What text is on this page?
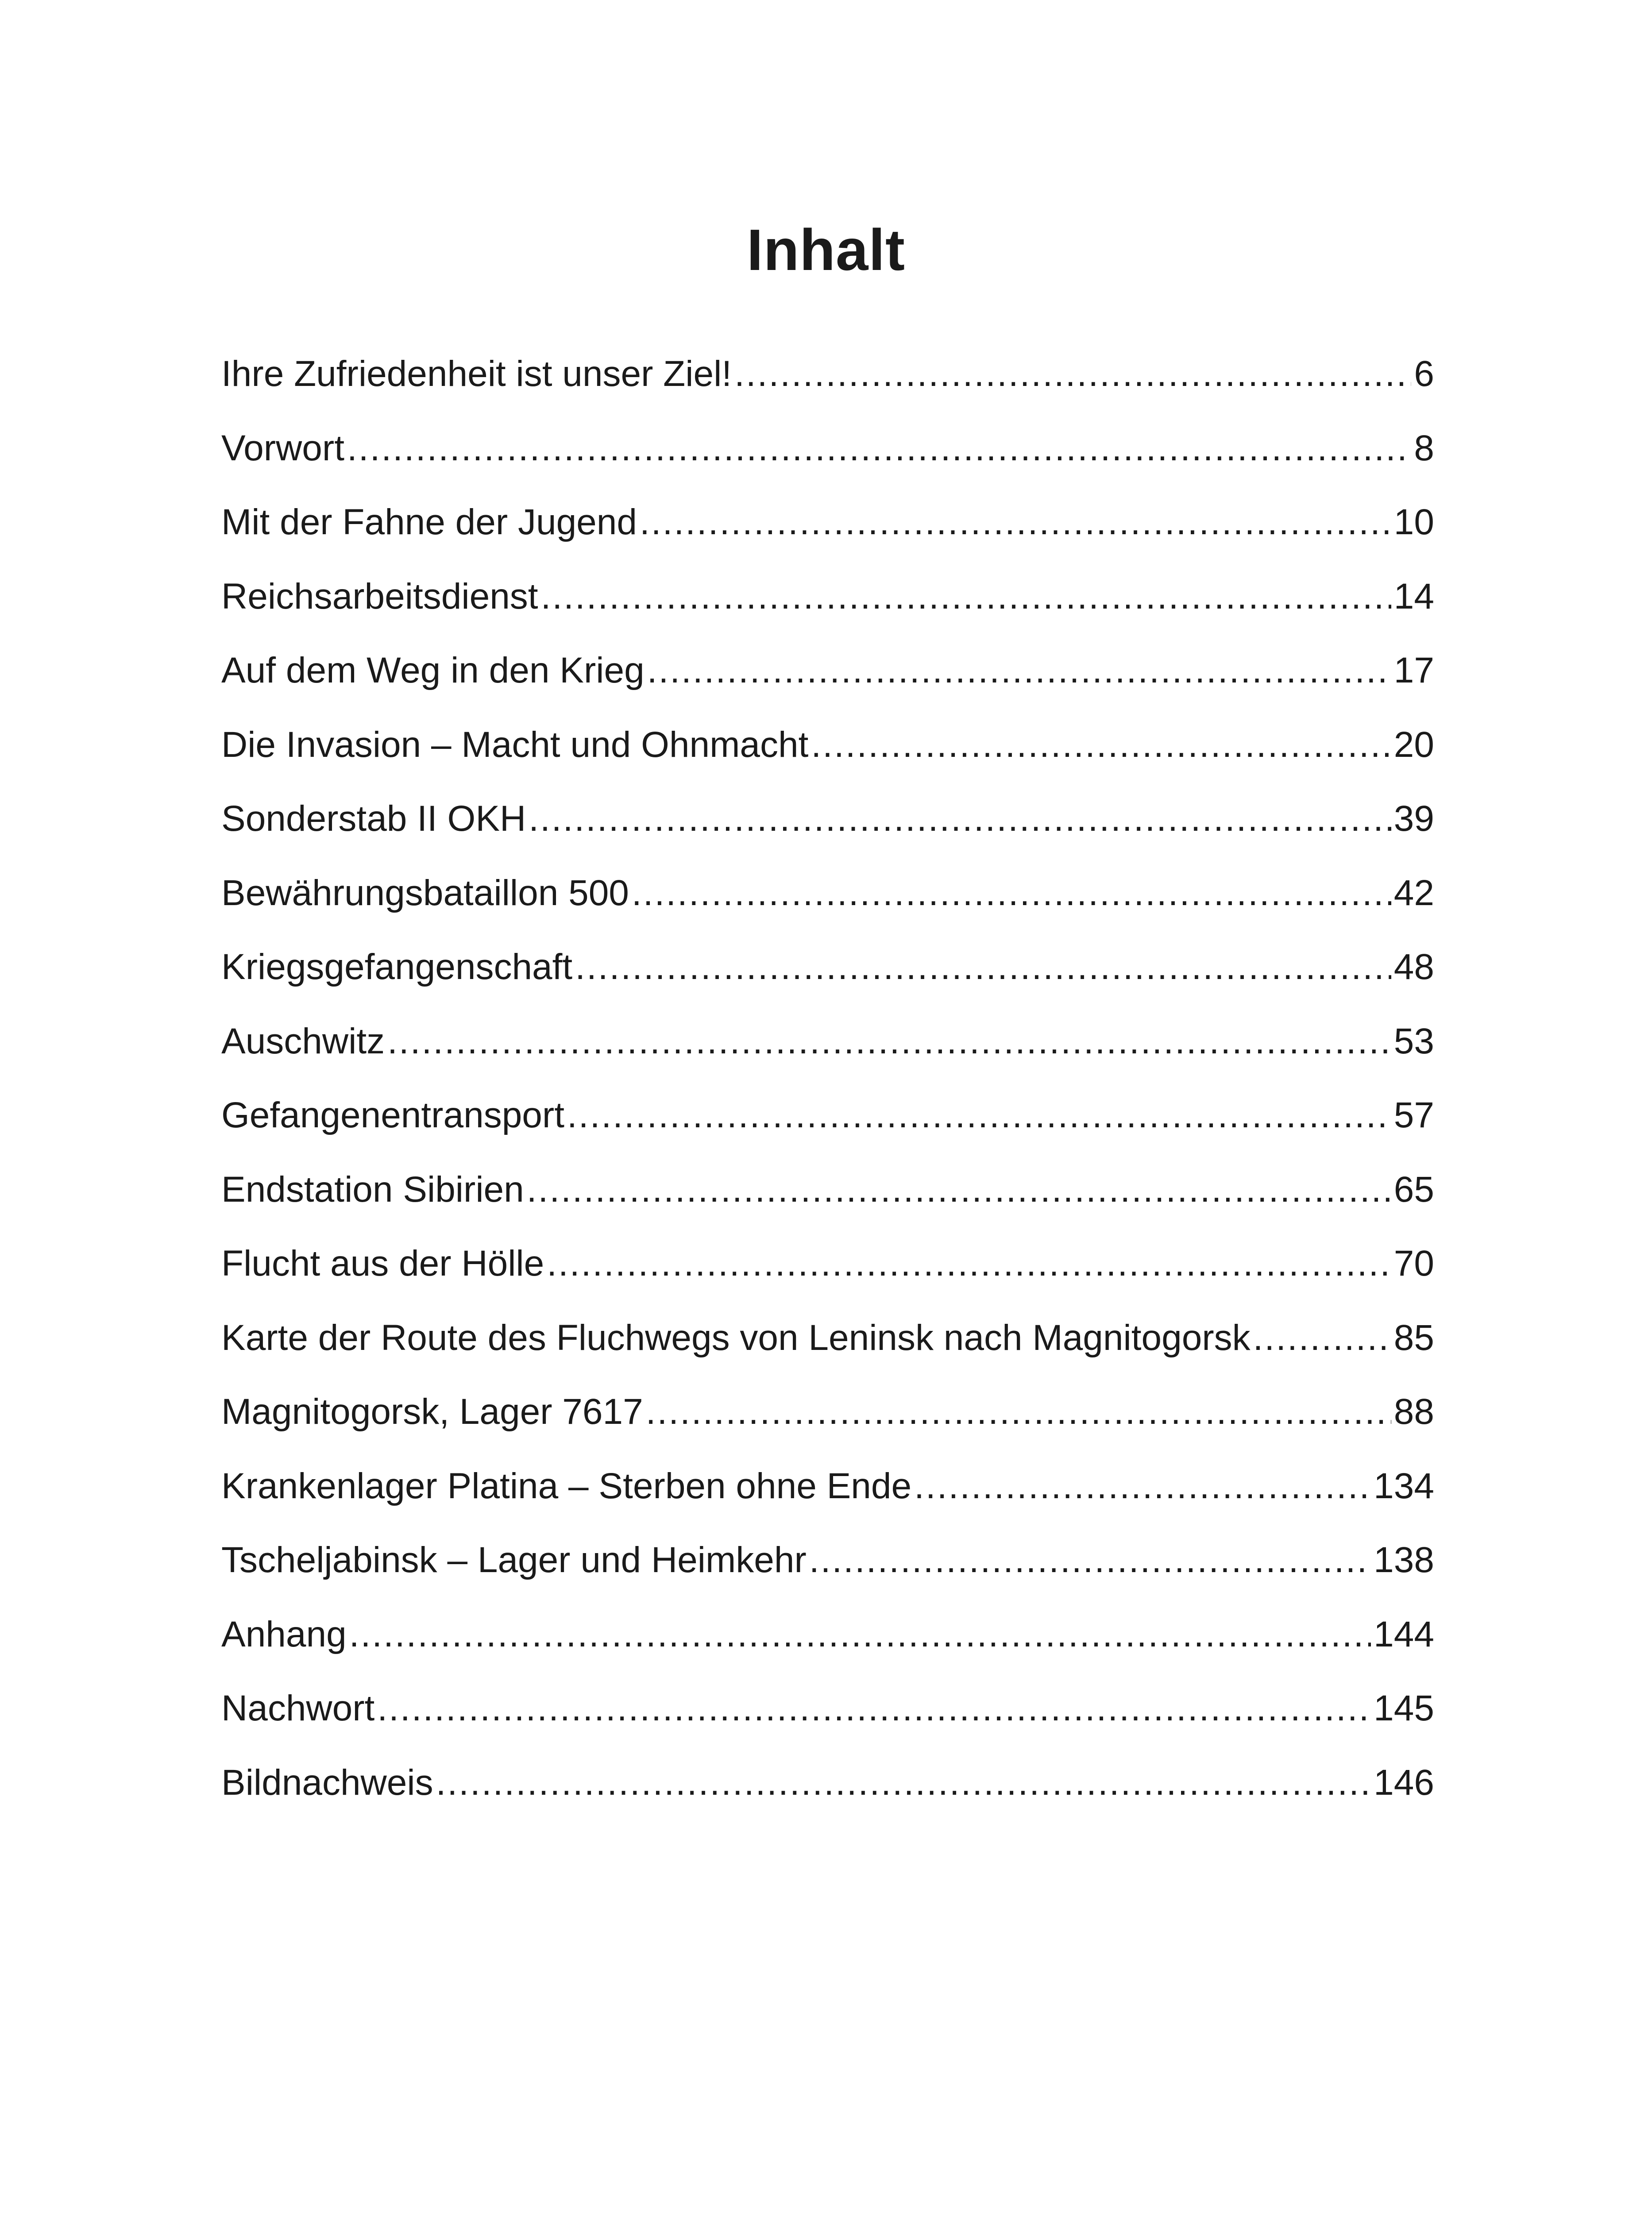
Inhalt
Ihre Zufriedenheit ist unser Ziel! .....	6
Vorwort .....	8
Mit der Fahne der Jugend .....	10
Reichsarbeitsdienst .....	14
Auf dem Weg in den Krieg .....	17
Die Invasion – Macht und Ohnmacht .....	20
Sonderstab II OKH .....	39
Bewährungsbataillon 500 .....	42
Kriegsgefangenschaft .....	48
Auschwitz .....	53
Gefangenentransport .....	57
Endstation Sibirien .....	65
Flucht aus der Hölle .....	70
Karte der Route des Fluchwegs von Leninsk nach Magnitogorsk .....	85
Magnitogorsk, Lager 7617 .....	88
Krankenlager Platina – Sterben ohne Ende .....	134
Tscheljabinsk – Lager und Heimkehr .....	138
Anhang .....	144
Nachwort .....	145
Bildnachweis .....	146
